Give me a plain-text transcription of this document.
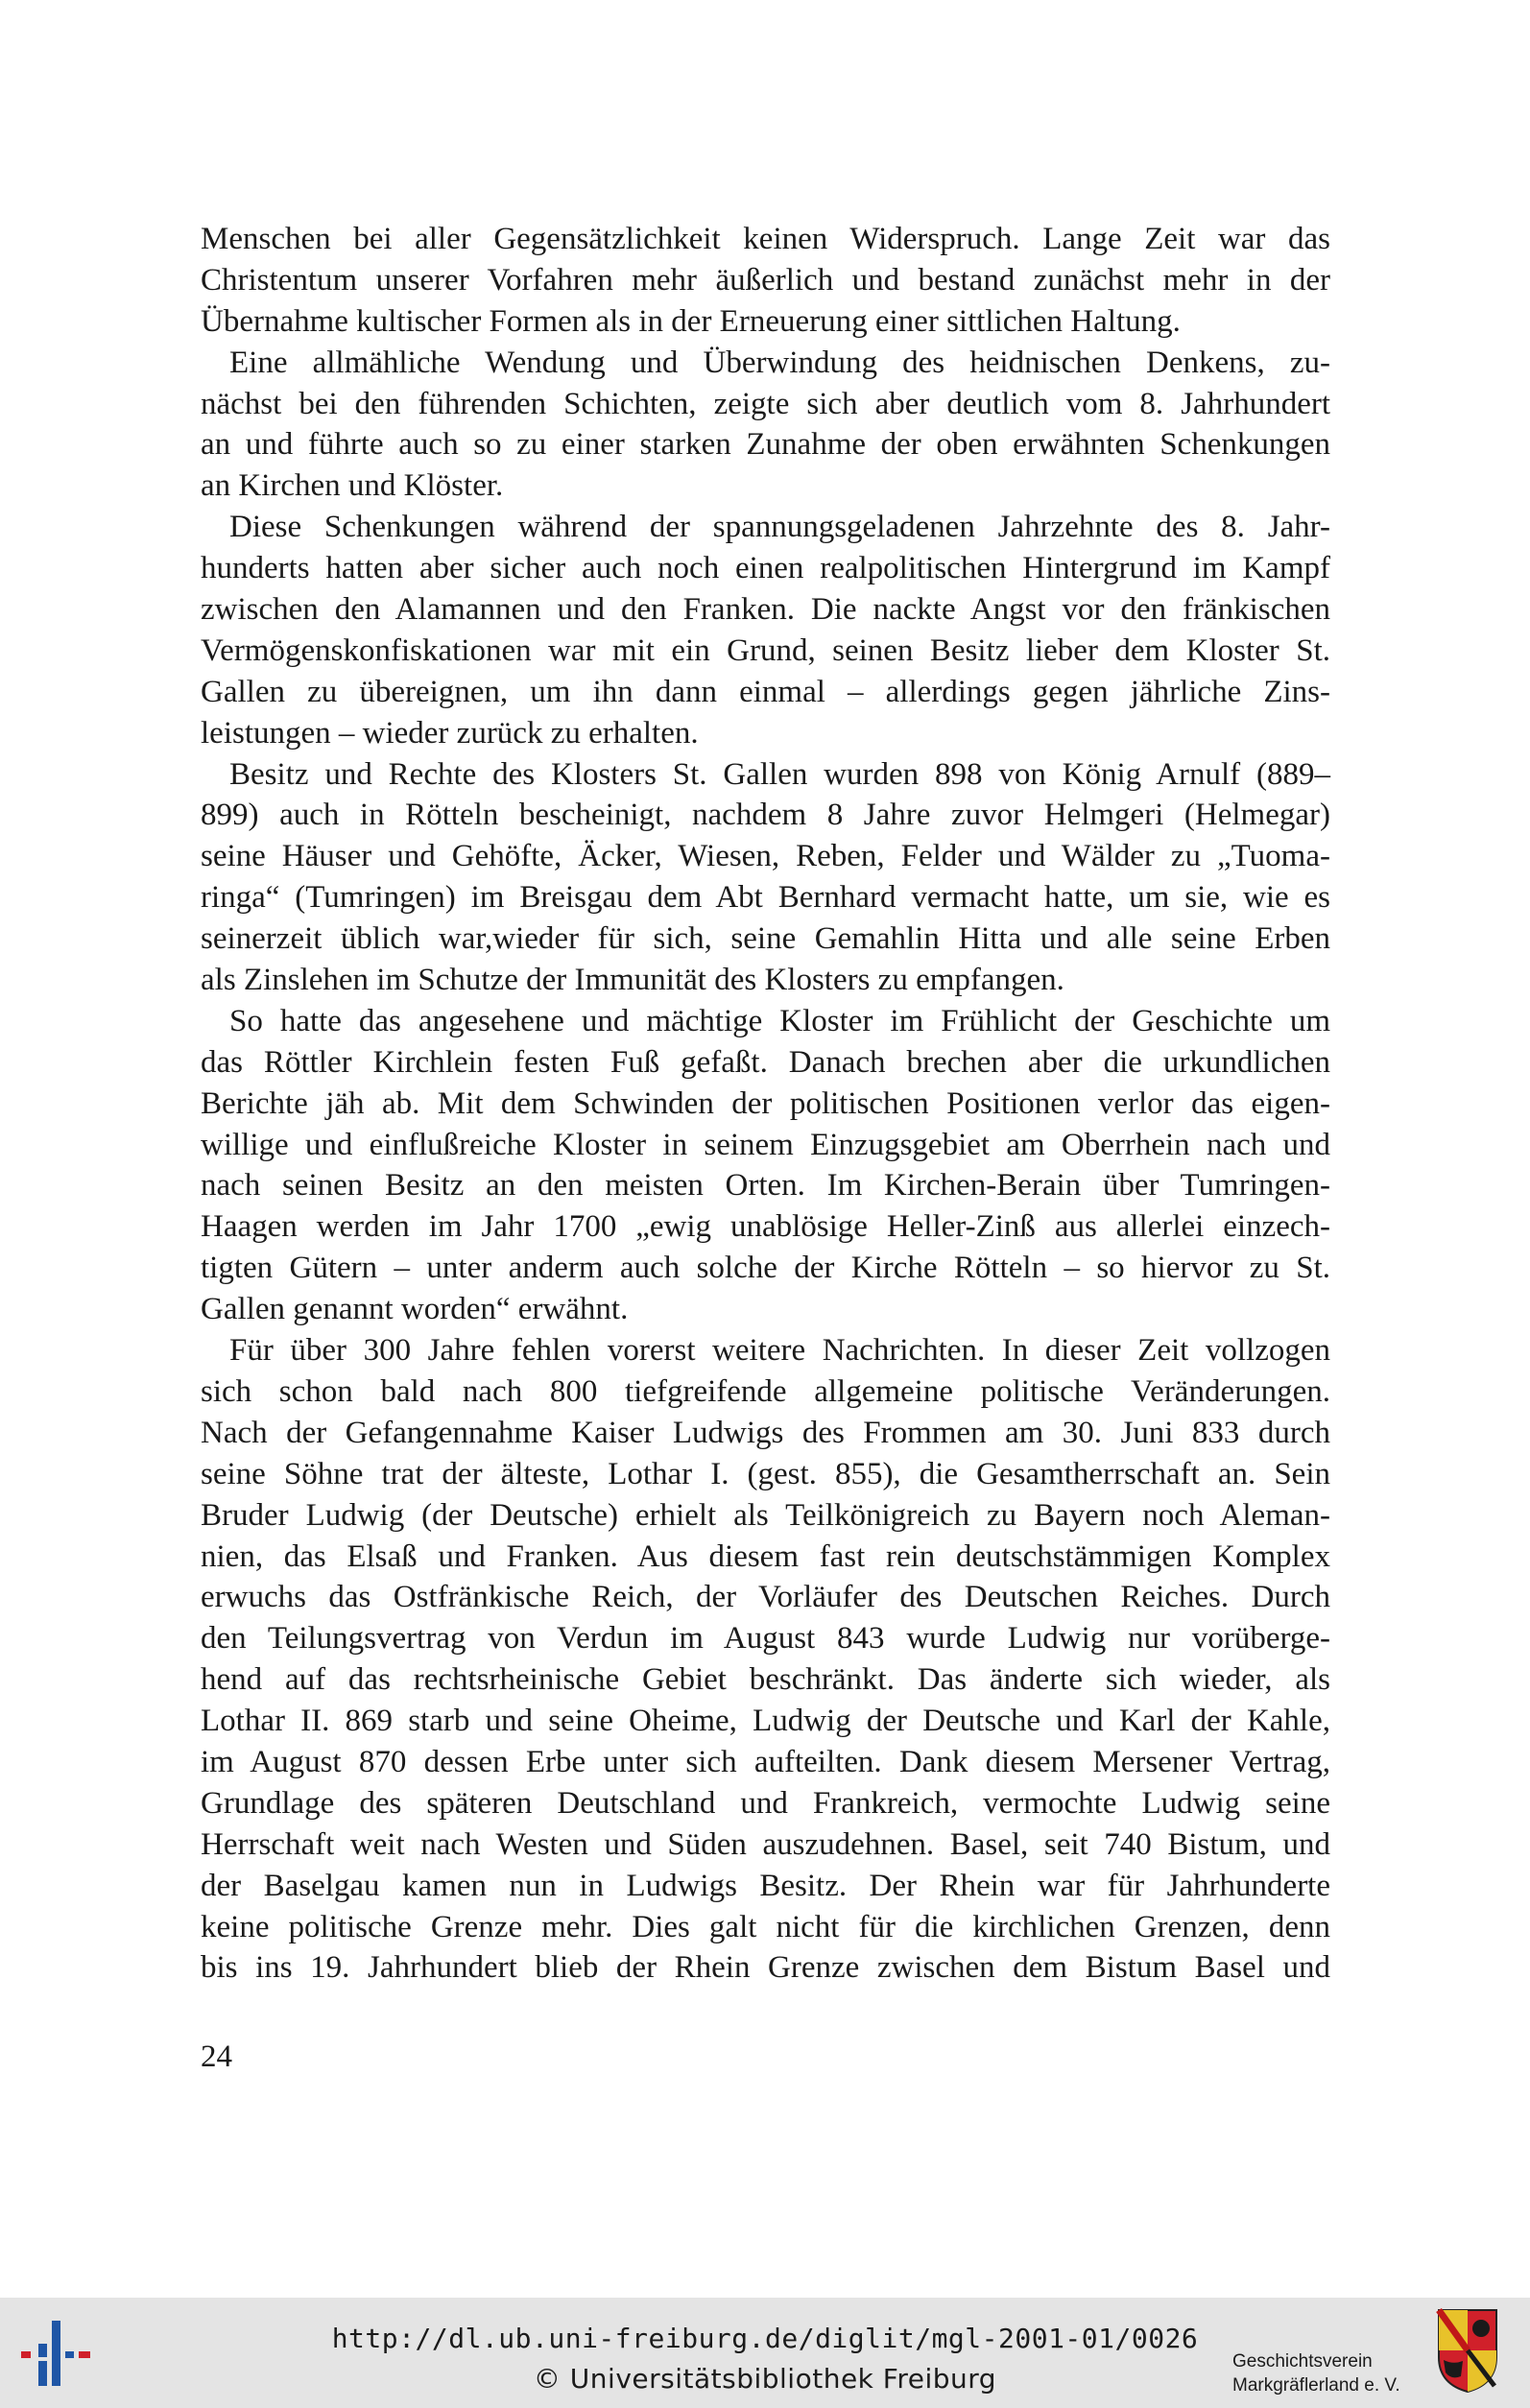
Menschen bei aller Gegensätzlichkeit keinen Widerspruch. Lange Zeit war das
Christentum unserer Vorfahren mehr äußerlich und bestand zunächst mehr in der
Übernahme kultischer Formen als in der Erneuerung einer sittlichen Haltung.
Eine allmähliche Wendung und Überwindung des heidnischen Denkens, zu-
nächst bei den führenden Schichten, zeigte sich aber deutlich vom 8. Jahrhundert
an und führte auch so zu einer starken Zunahme der oben erwähnten Schenkungen
an Kirchen und Klöster.
Diese Schenkungen während der spannungsgeladenen Jahrzehnte des 8. Jahr-
hunderts hatten aber sicher auch noch einen realpolitischen Hintergrund im Kampf
zwischen den Alamannen und den Franken. Die nackte Angst vor den fränkischen
Vermögenskonfiskationen war mit ein Grund, seinen Besitz lieber dem Kloster St.
Gallen zu übereignen, um ihn dann einmal – allerdings gegen jährliche Zins-
leistungen – wieder zurück zu erhalten.
Besitz und Rechte des Klosters St. Gallen wurden 898 von König Arnulf (889–
899) auch in Rötteln bescheinigt, nachdem 8 Jahre zuvor Helmgeri (Helmegar)
seine Häuser und Gehöfte, Äcker, Wiesen, Reben, Felder und Wälder zu „Tuoma-
ringa“ (Tumringen) im Breisgau dem Abt Bernhard vermacht hatte, um sie, wie es
seinerzeit üblich war,wieder für sich, seine Gemahlin Hitta und alle seine Erben
als Zinslehen im Schutze der Immunität des Klosters zu empfangen.
So hatte das angesehene und mächtige Kloster im Frühlicht der Geschichte um
das Röttler Kirchlein festen Fuß gefaßt. Danach brechen aber die urkundlichen
Berichte jäh ab. Mit dem Schwinden der politischen Positionen verlor das eigen-
willige und einflußreiche Kloster in seinem Einzugsgebiet am Oberrhein nach und
nach seinen Besitz an den meisten Orten. Im Kirchen-Berain über Tumringen-
Haagen werden im Jahr 1700 „ewig unablösige Heller-Zinß aus allerlei einzech-
tigten Gütern – unter anderm auch solche der Kirche Rötteln – so hiervor zu St.
Gallen genannt worden“ erwähnt.
Für über 300 Jahre fehlen vorerst weitere Nachrichten. In dieser Zeit vollzogen
sich schon bald nach 800 tiefgreifende allgemeine politische Veränderungen.
Nach der Gefangennahme Kaiser Ludwigs des Frommen am 30. Juni 833 durch
seine Söhne trat der älteste, Lothar I. (gest. 855), die Gesamtherrschaft an. Sein
Bruder Ludwig (der Deutsche) erhielt als Teilkönigreich zu Bayern noch Aleman-
nien, das Elsaß und Franken. Aus diesem fast rein deutschstämmigen Komplex
erwuchs das Ostfränkische Reich, der Vorläufer des Deutschen Reiches. Durch
den Teilungsvertrag von Verdun im August 843 wurde Ludwig nur vorüberge-
hend auf das rechtsrheinische Gebiet beschränkt. Das änderte sich wieder, als
Lothar II. 869 starb und seine Oheime, Ludwig der Deutsche und Karl der Kahle,
im August 870 dessen Erbe unter sich aufteilten. Dank diesem Mersener Vertrag,
Grundlage des späteren Deutschland und Frankreich, vermochte Ludwig seine
Herrschaft weit nach Westen und Süden auszudehnen. Basel, seit 740 Bistum, und
der Baselgau kamen nun in Ludwigs Besitz. Der Rhein war für Jahrhunderte
keine politische Grenze mehr. Dies galt nicht für die kirchlichen Grenzen, denn
bis ins 19. Jahrhundert blieb der Rhein Grenze zwischen dem Bistum Basel und
24
http://dl.ub.uni-freiburg.de/diglit/mgl-2001-01/0026
© Universitätsbibliothek Freiburg
Geschichtsverein
Markgräflerland e. V.
